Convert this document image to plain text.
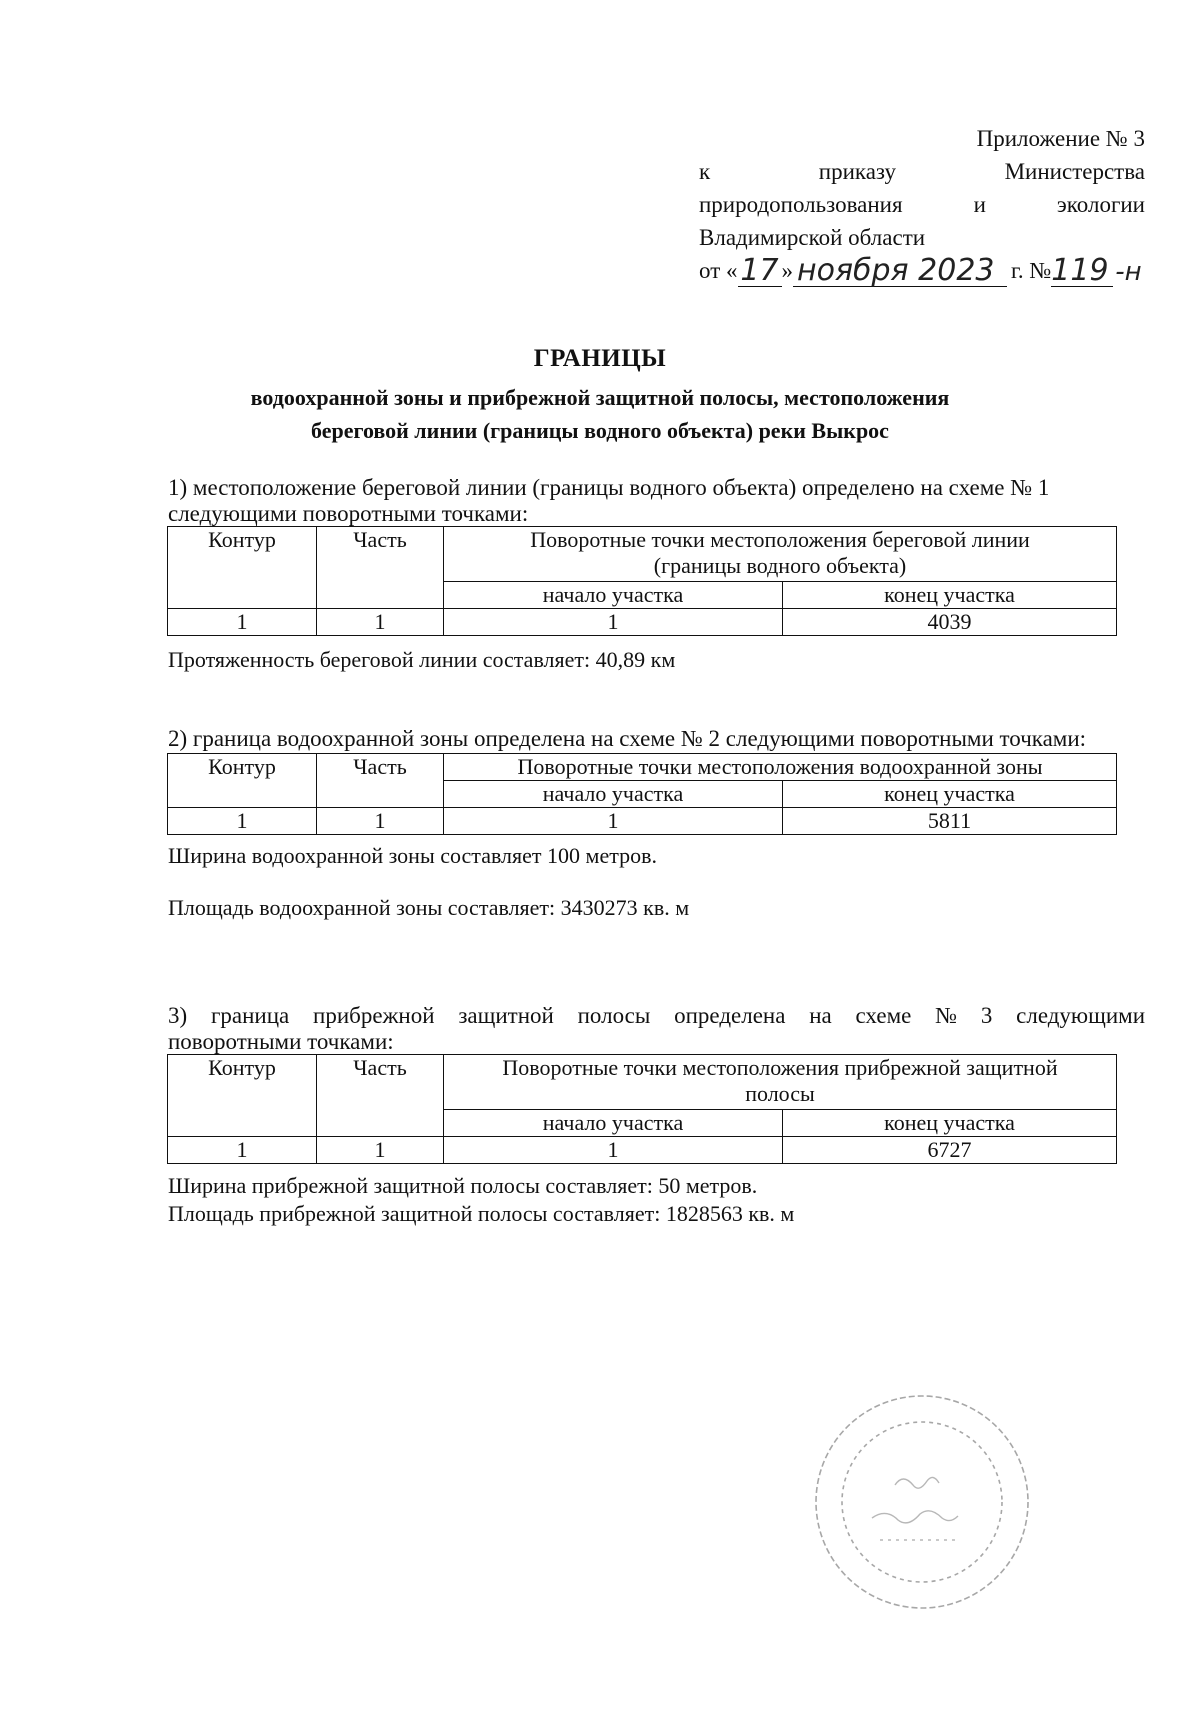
Приложение № 3
к	приказу	Министерства
природопользования	и	экологии
Владимирской области
от « 17 » ноября 2023 г. № 119 -н
ГРАНИЦЫ
водоохранной зоны и прибрежной защитной полосы, местоположения
береговой линии (границы водного объекта) реки Выкрос
1) местоположение береговой линии (границы водного объекта) определено на схеме № 1
следующими поворотными точками:
Контур	Часть	Поворотные точки местоположения береговой линии
(границы водного объекта)	

		начало участка	конец участка
1	1	1	4039
Протяженность береговой линии составляет: 40,89 км
2) граница водоохранной зоны определена на схеме № 2 следующими поворотными точками:
Контур	Часть	Поворотные точки местоположения водоохранной зоны	
		начало участка	конец участка
1	1	1	5811
Ширина водоохранной зоны составляет 100 метров.
Площадь водоохранной зоны составляет: 3430273 кв. м
3) граница прибрежной защитной полосы определена на схеме № 3 следующими
поворотными точками:
Контур	Часть	Поворотные точки местоположения прибрежной защитной
полосы	

		начало участка	конец участка
1	1	1	6727
Ширина прибрежной защитной полосы составляет: 50 метров.
Площадь прибрежной защитной полосы составляет: 1828563 кв. м
